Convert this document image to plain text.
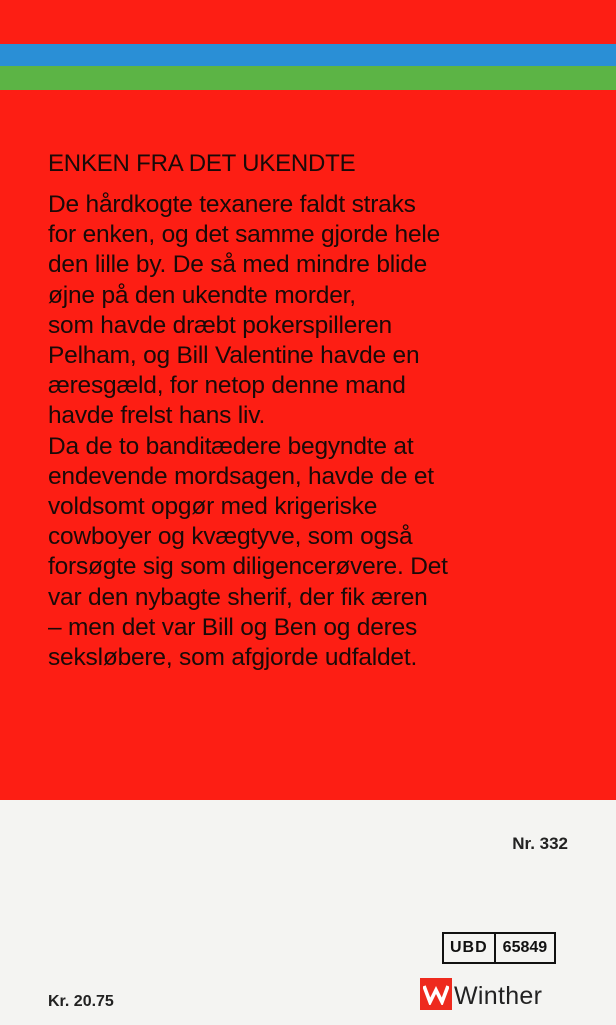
ENKEN FRA DET UKENDTE
De hårdkogte texanere faldt straks
for enken, og det samme gjorde hele
den lille by. De så med mindre blide
øjne på den ukendte morder,
som havde dræbt pokerspilleren
Pelham, og Bill Valentine havde en
æresgæld, for netop denne mand
havde frelst hans liv.
Da de to banditædere begyndte at
endevende mordsagen, havde de et
voldsomt opgør med krigeriske
cowboyer og kvægtyve, som også
forsøgte sig som diligencerøvere. Det
var den nybagte sherif, der fik æren
– men det var Bill og Ben og deres
seksløbere, som afgjorde udfaldet.
Nr. 332
UBD 65849
Kr. 20.75	Winther
